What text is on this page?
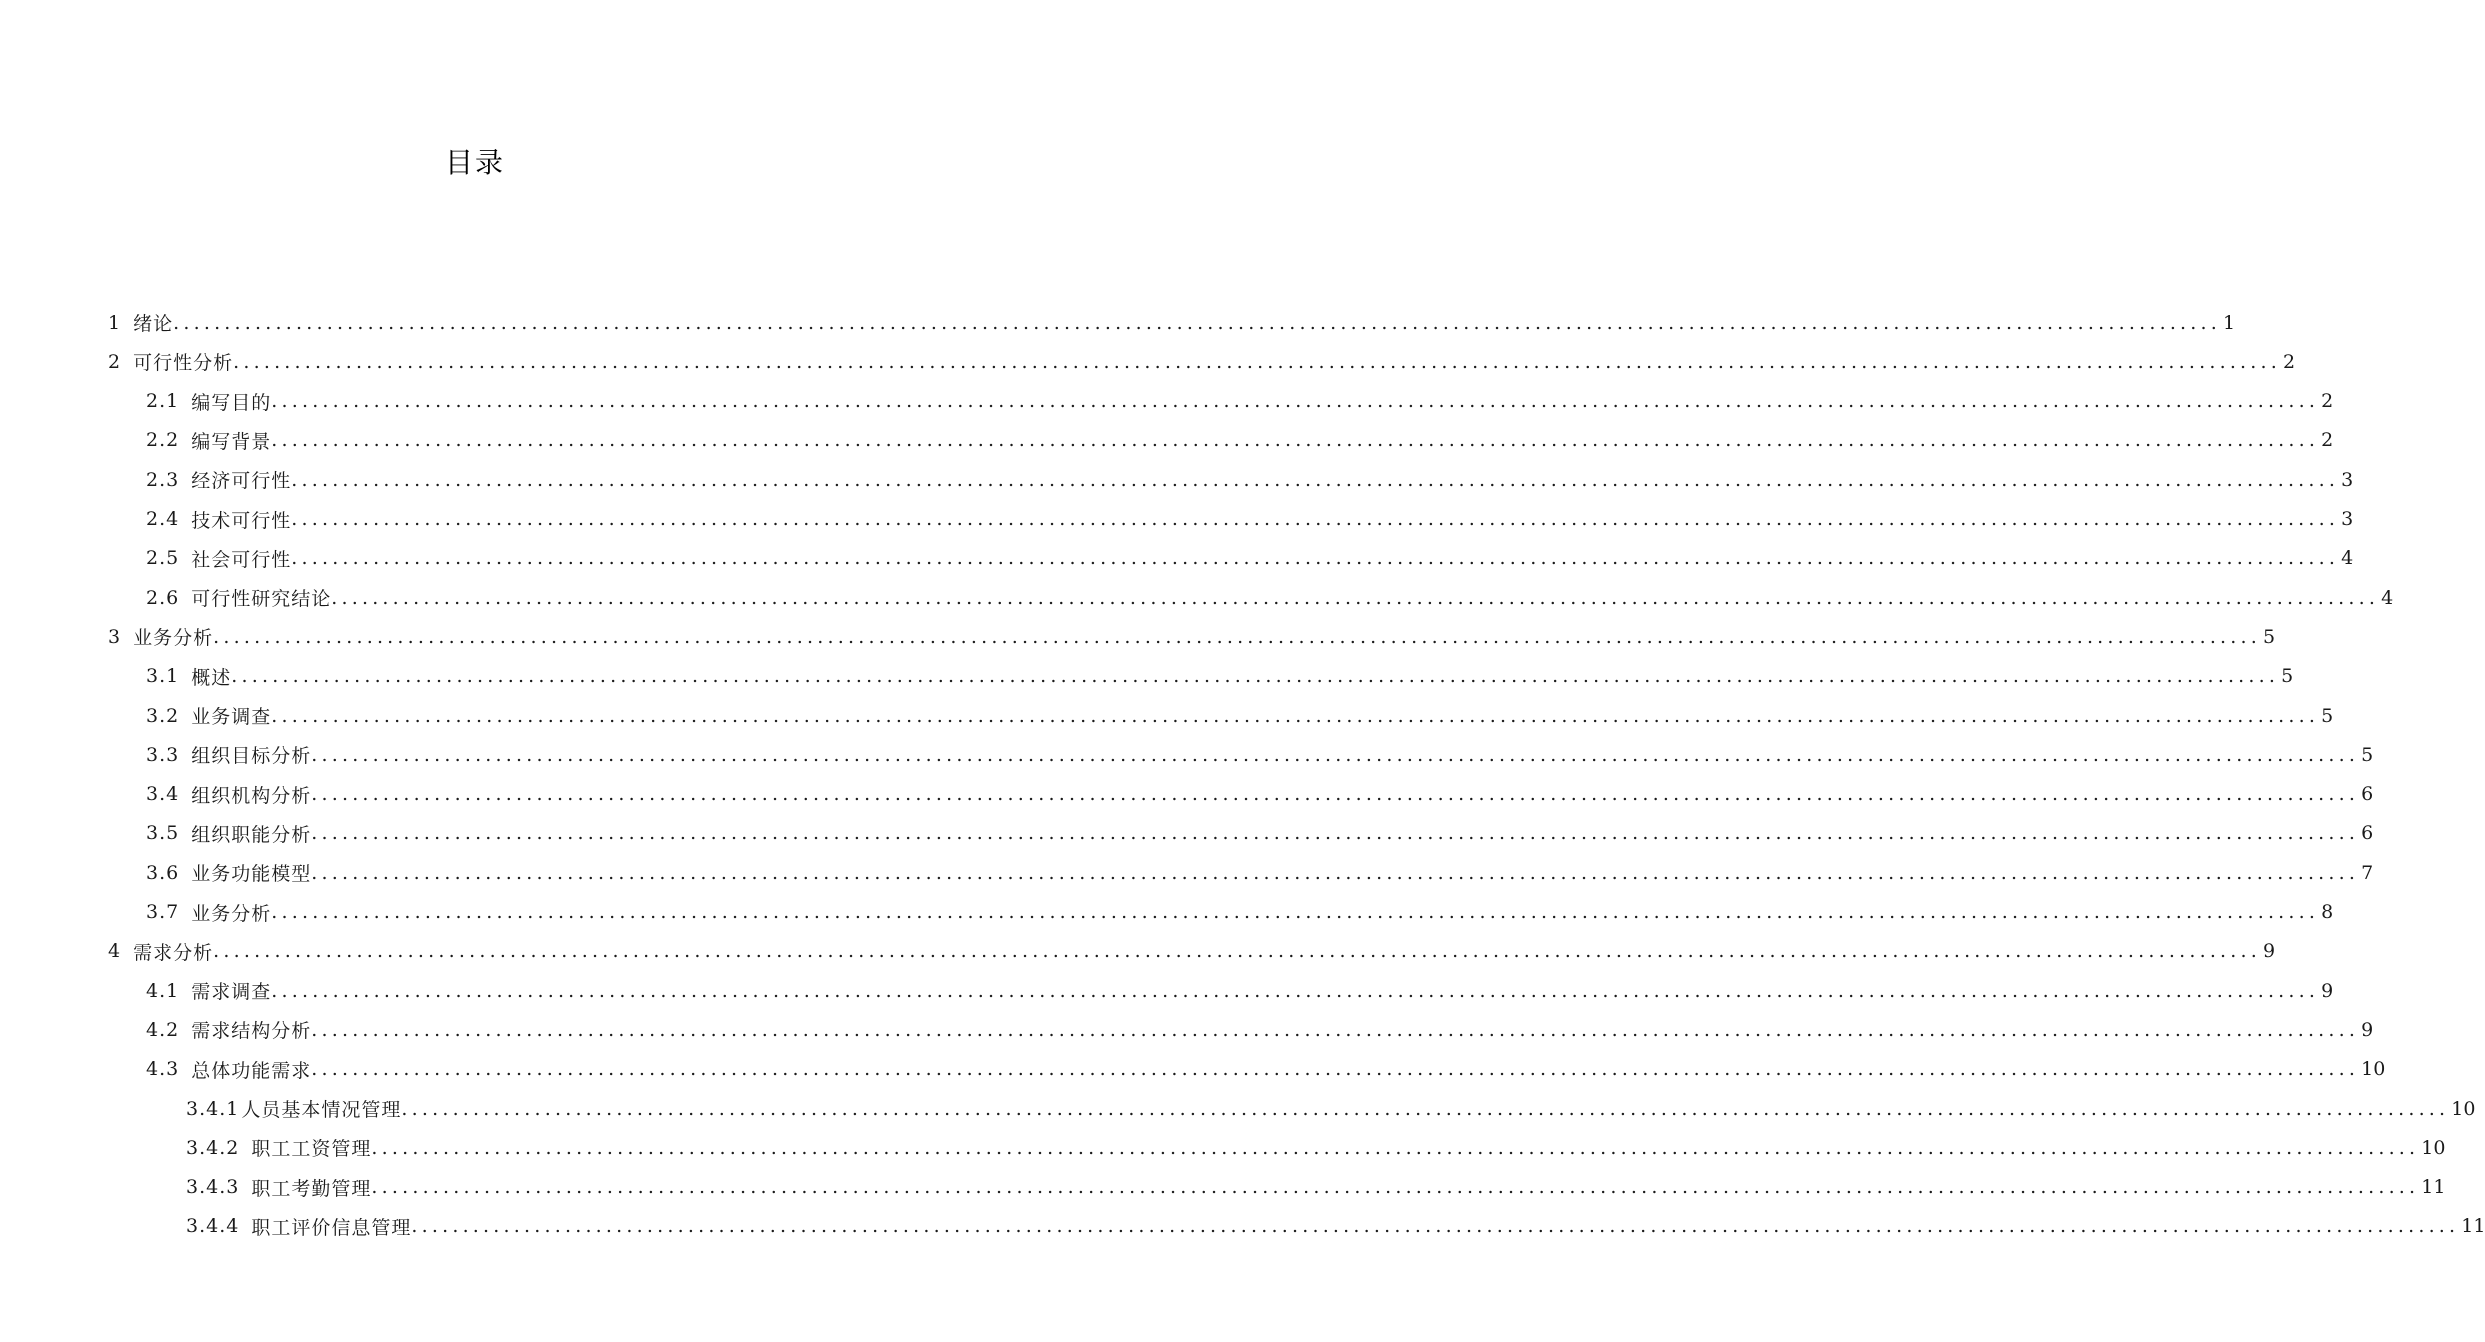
目录
1 绪论 ........................................................................................................................................................................................................ 1
2 可行性分析 ........................................................................................................................................................................................................ 2
2.1 编写目的 ........................................................................................................................................................................................................ 2
2.2 编写背景 ........................................................................................................................................................................................................ 2
2.3 经济可行性 ........................................................................................................................................................................................................ 3
2.4 技术可行性 ........................................................................................................................................................................................................ 3
2.5 社会可行性 ........................................................................................................................................................................................................ 4
2.6 可行性研究结论 ........................................................................................................................................................................................................ 4
3 业务分析 ........................................................................................................................................................................................................ 5
3.1 概述 ........................................................................................................................................................................................................ 5
3.2 业务调查 ........................................................................................................................................................................................................ 5
3.3 组织目标分析 ........................................................................................................................................................................................................ 5
3.4 组织机构分析 ........................................................................................................................................................................................................ 6
3.5 组织职能分析 ........................................................................................................................................................................................................ 6
3.6 业务功能模型 ........................................................................................................................................................................................................ 7
3.7 业务分析 ........................................................................................................................................................................................................ 8
4 需求分析 ........................................................................................................................................................................................................ 9
4.1 需求调查 ........................................................................................................................................................................................................ 9
4.2 需求结构分析 ........................................................................................................................................................................................................ 9
4.3 总体功能需求 ........................................................................................................................................................................................................ 10
3.4.1 人员基本情况管理 ........................................................................................................................................................................................................ 10
3.4.2 职工工资管理 ........................................................................................................................................................................................................ 10
3.4.3 职工考勤管理 ........................................................................................................................................................................................................ 11
3.4.4 职工评价信息管理 ........................................................................................................................................................................................................ 11
